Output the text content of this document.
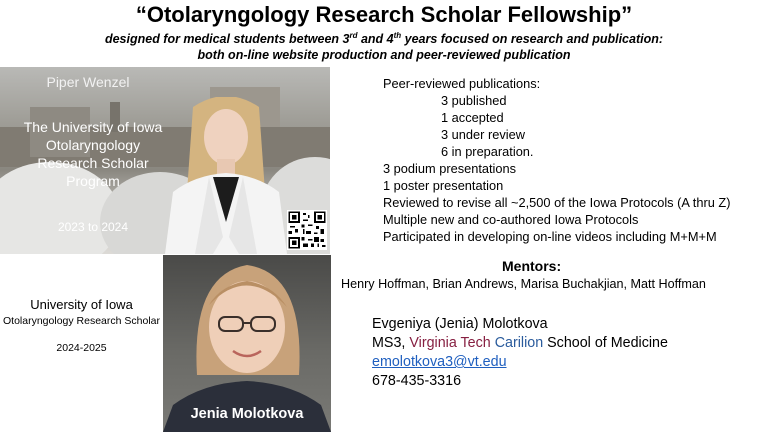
“Otolaryngology Research Scholar Fellowship”
designed for medical students between 3rd and 4th years focused on research and publication:
both on-line website production and peer-reviewed publication
Piper Wenzel
The University of Iowa
Otolaryngology
Research Scholar
Program
2023 to 2024
University of Iowa
Otolaryngology Research Scholar
2024-2025
Jenia Molotkova
Peer-reviewed publications:
3 published
1 accepted
3 under review
6 in preparation.
3 podium presentations
1 poster presentation
Reviewed to revise all ~2,500 of the Iowa Protocols (A thru Z)
Multiple new and co-authored Iowa Protocols
Participated in developing on-line videos including M+M+M
Mentors:
Henry Hoffman, Brian Andrews, Marisa Buchakjian, Matt Hoffman
Evgeniya (Jenia) Molotkova
MS3, Virginia Tech Carilion School of Medicine
emolotkova3@vt.edu
678-435-3316
